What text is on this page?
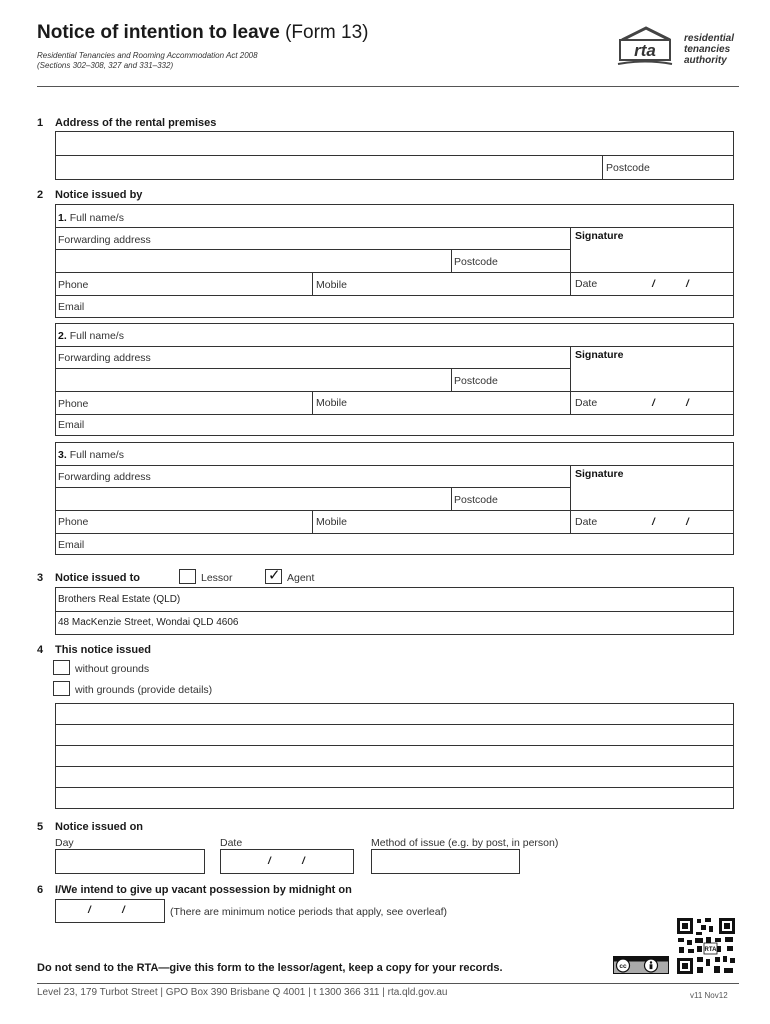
Notice of intention to leave (Form 13)
Residential Tenancies and Rooming Accommodation Act 2008
(Sections 302–308, 327 and 331–332)
rta
residential
tenancies
authority
1 Address of the rental premises
Postcode
2 Notice issued by
1. Full name/s
Forwarding address	Signature
Postcode
Phone	Mobile	Date	/	/
Email
2. Full name/s
Forwarding address	Signature
Postcode
Phone	Mobile	Date	/	/
Email
3. Full name/s
Forwarding address	Signature
Postcode
Phone	Mobile	Date	/	/
Email
3 Notice issued to	Lessor ✓ Agent
Brothers Real Estate (QLD)
48 MacKenzie Street, Wondai QLD 4606
4 This notice issued
without grounds
with grounds (provide details)
5 Notice issued on
Day	Date	Method of issue (e.g. by post, in person)
/	/
6 I/We intend to give up vacant possession by midnight on
/	/	(There are minimum notice periods that apply, see overleaf)
RTA
cc
Do not send to the RTA—give this form to the lessor/agent, keep a copy for your records.
Level 23, 179 Turbot Street | GPO Box 390 Brisbane Q 4001 | t 1300 366 311 | rta.qld.gov.au	v11 Nov12
